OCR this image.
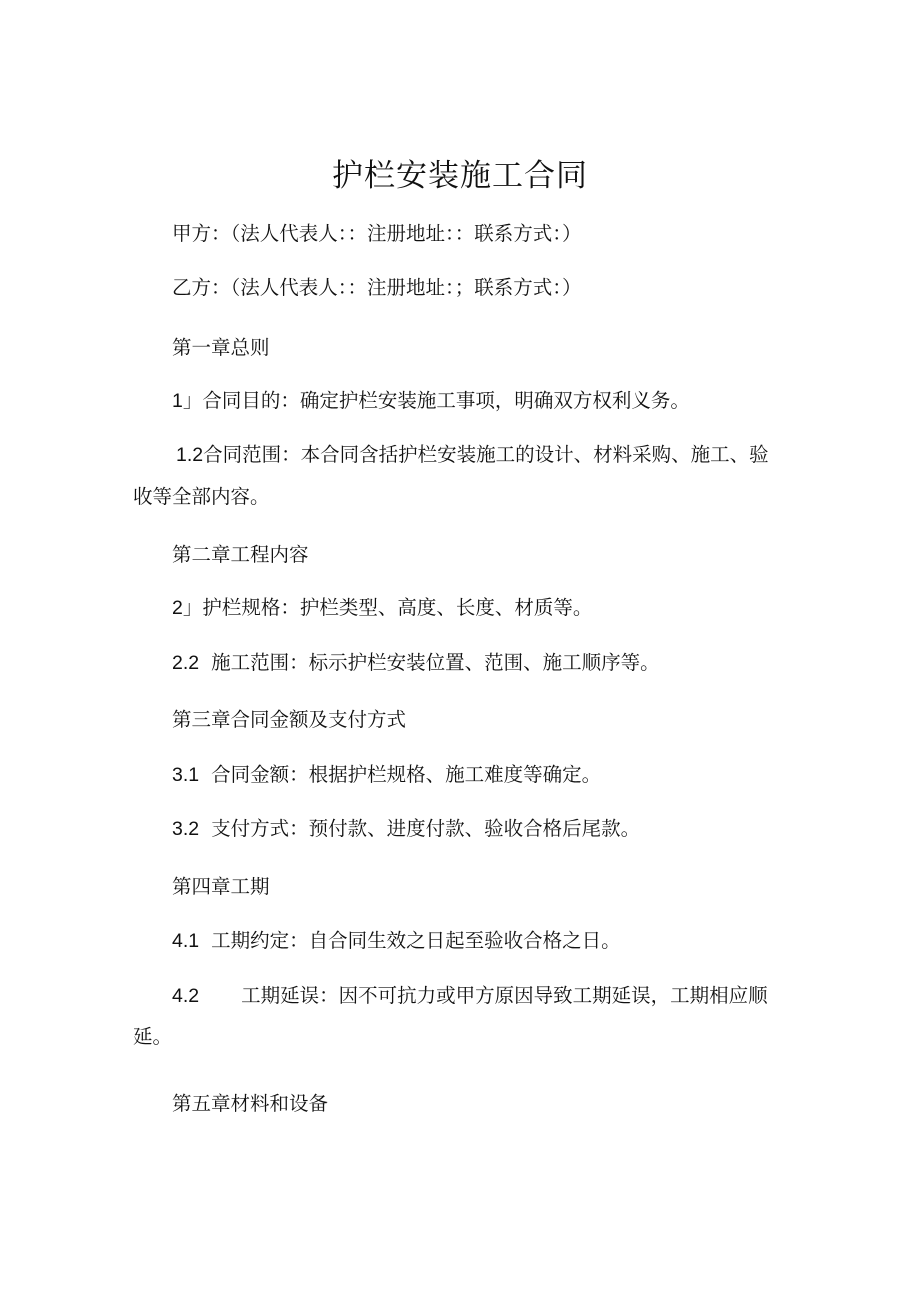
护栏安装施工合同
甲方：（法人代表人：：注册地址：：联系方式：）
乙方：（法人代表人：：注册地址：；联系方式：）
第一章总则
1」合同目的：确定护栏安装施工事项，明确双方权利义务。
1.2合同范围：本合同含括护栏安装施工的设计、材料采购、施工、验
收等全部内容。
第二章工程内容
2」护栏规格：护栏类型、高度、长度、材质等。
2.2 施工范围：标示护栏安装位置、范围、施工顺序等。
第三章合同金额及支付方式
3.1 合同金额：根据护栏规格、施工难度等确定。
3.2 支付方式：预付款、进度付款、验收合格后尾款。
第四章工期
4.1 工期约定：自合同生效之日起至验收合格之日。
4.2 工期延误：因不可抗力或甲方原因导致工期延误，工期相应顺
延。
第五章材料和设备
